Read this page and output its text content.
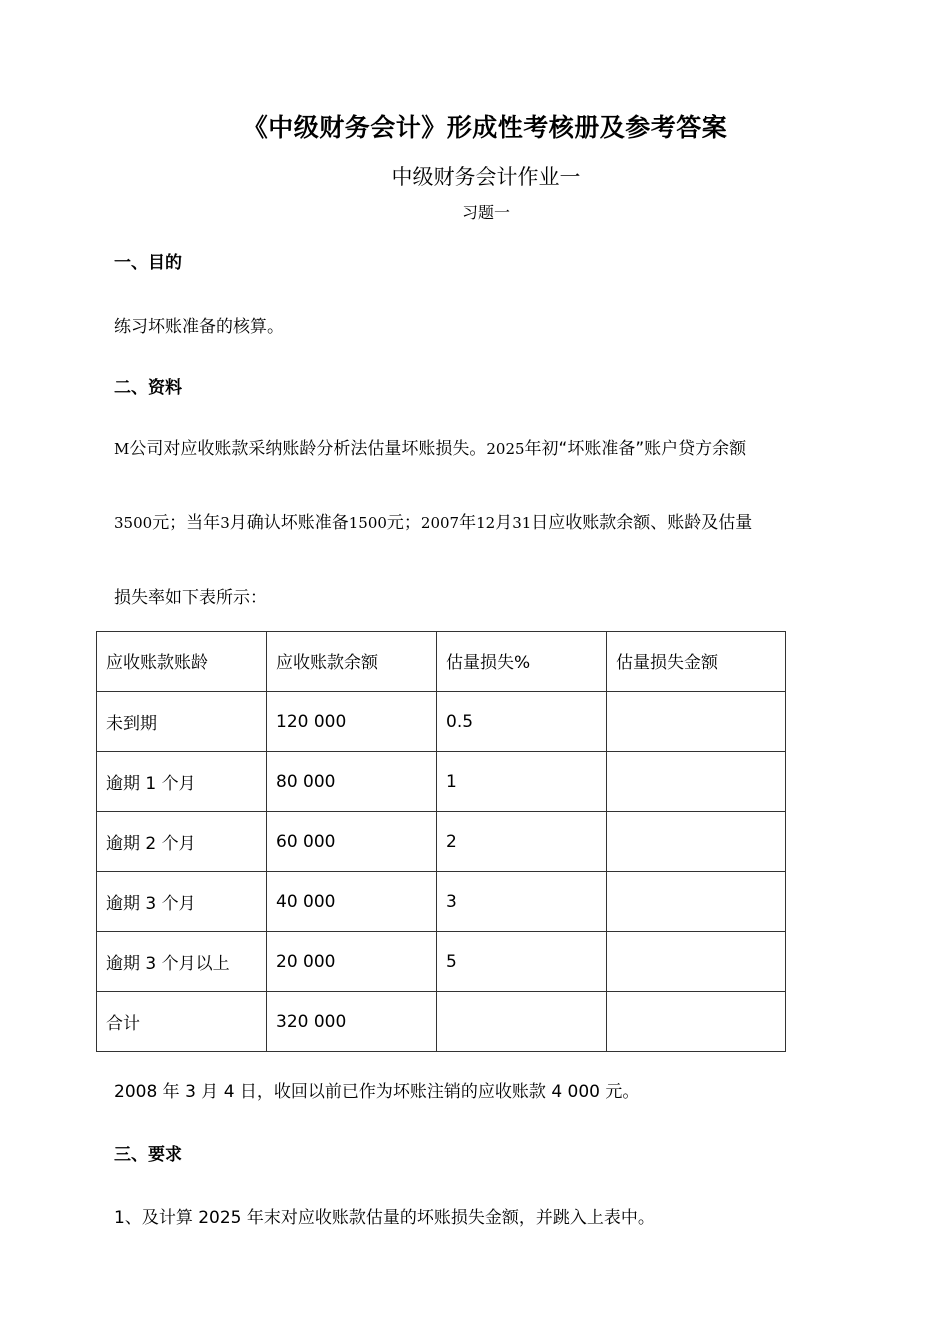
《中级财务会计》形成性考核册及参考答案
中级财务会计作业一
习题一
一、目的
练习坏账准备的核算。
二、资料
M公司对应收账款采纳账龄分析法估量坏账损失。2025年初“坏账准备”账户贷方余额
3500元；当年3月确认坏账准备1500元；2007年12月31日应收账款余额、账龄及估量
损失率如下表所示：
应收账款账龄	应收账款余额	估量损失%	估量损失金额
未到期	120 000	0.5	
逾期 1 个月	80 000	1	
逾期 2 个月	60 000	2	
逾期 3 个月	40 000	3	
逾期 3 个月以上	20 000	5	
合计	320 000		
2008 年 3 月 4 日，收回以前已作为坏账注销的应收账款 4 000 元。
三、要求
1、及计算 2025 年末对应收账款估量的坏账损失金额，并跳入上表中。
